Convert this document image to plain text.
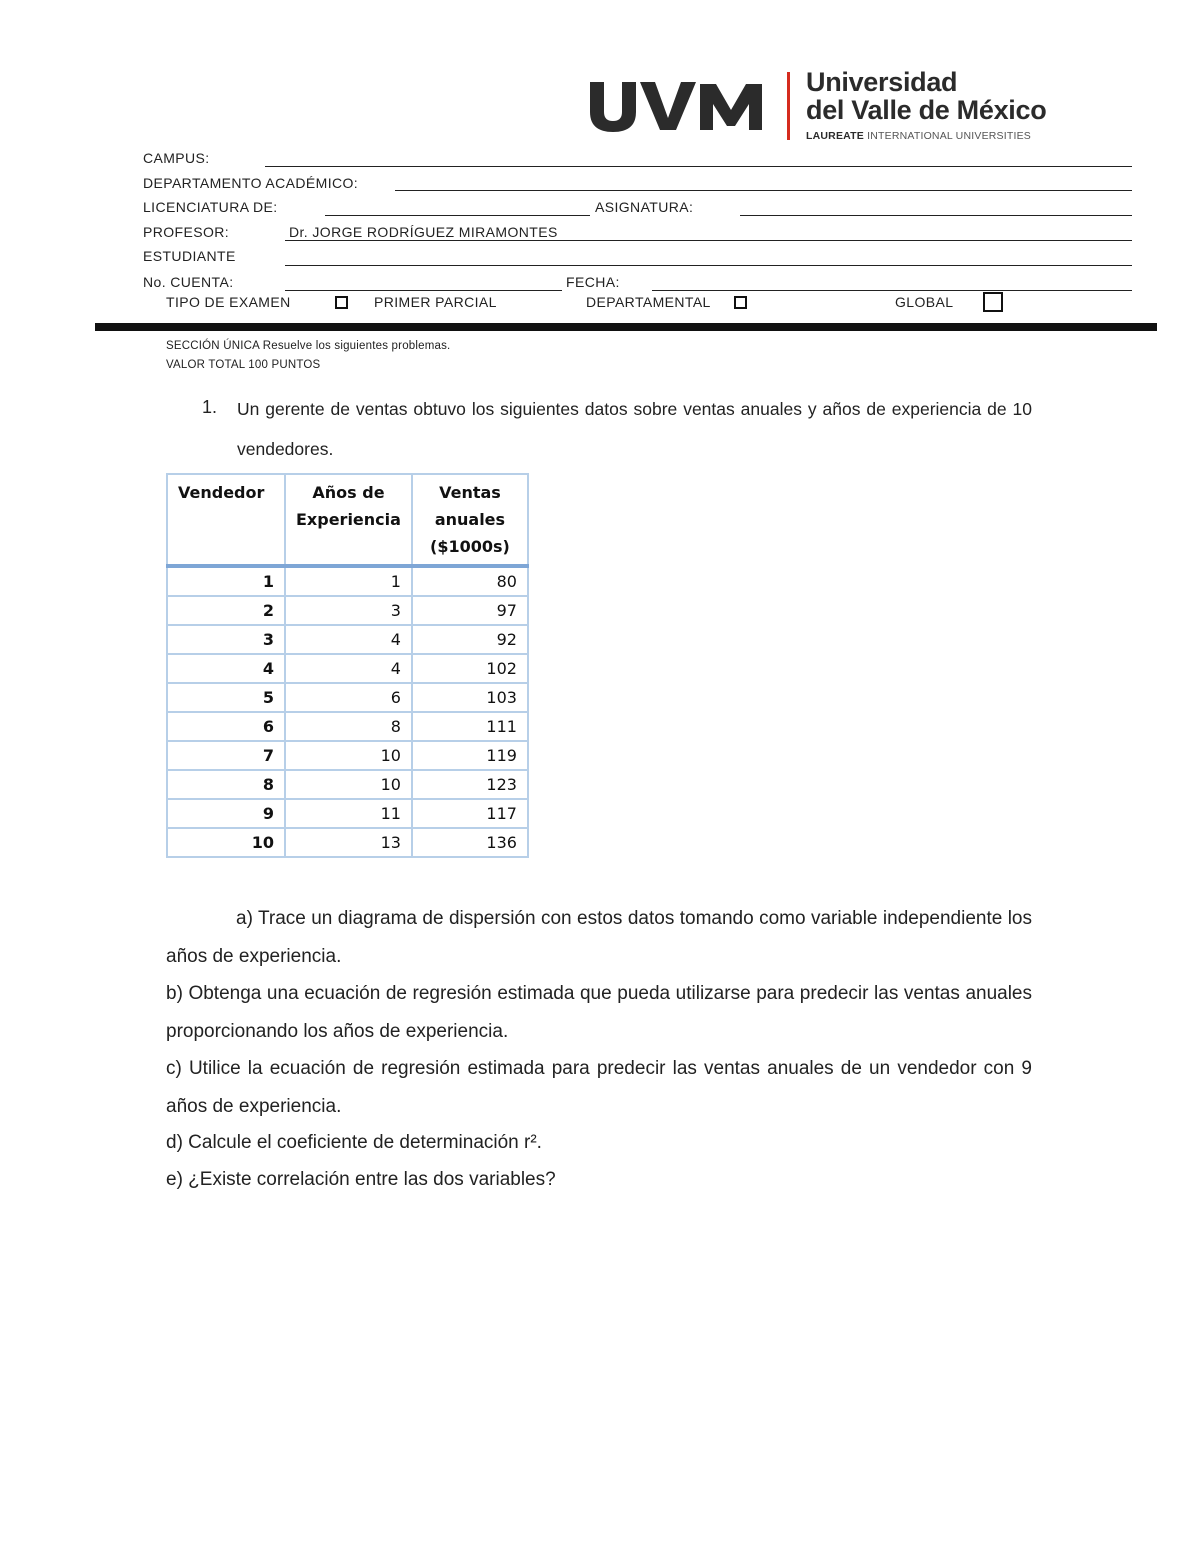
Universidad
del Valle de México
LAUREATE INTERNATIONAL UNIVERSITIES
CAMPUS:
DEPARTAMENTO ACADÉMICO:
LICENCIATURA DE:	ASIGNATURA:
PROFESOR:	Dr. JORGE RODRÍGUEZ MIRAMONTES
ESTUDIANTE
No. CUENTA:	FECHA:
TIPO DE EXAMEN	PRIMER PARCIAL	DEPARTAMENTAL	GLOBAL
SECCIÓN ÚNICA Resuelve los siguientes problemas.
VALOR TOTAL 100 PUNTOS
1. Un gerente de ventas obtuvo los siguientes datos sobre ventas anuales y años de experiencia de 10 vendedores.
Vendedor	Años de Experiencia	Ventas anuales ($1000s)
1	1	80
2	3	97
3	4	92
4	4	102
5	6	103
6	8	111
7	10	119
8	10	123
9	11	117
10	13	136
a) Trace un diagrama de dispersión con estos datos tomando como variable independiente los años de experiencia.
b) Obtenga una ecuación de regresión estimada que pueda utilizarse para predecir las ventas anuales proporcionando los años de experiencia.
c) Utilice la ecuación de regresión estimada para predecir las ventas anuales de un vendedor con 9 años de experiencia.
d) Calcule el coeficiente de determinación r².
e) ¿Existe correlación entre las dos variables?
